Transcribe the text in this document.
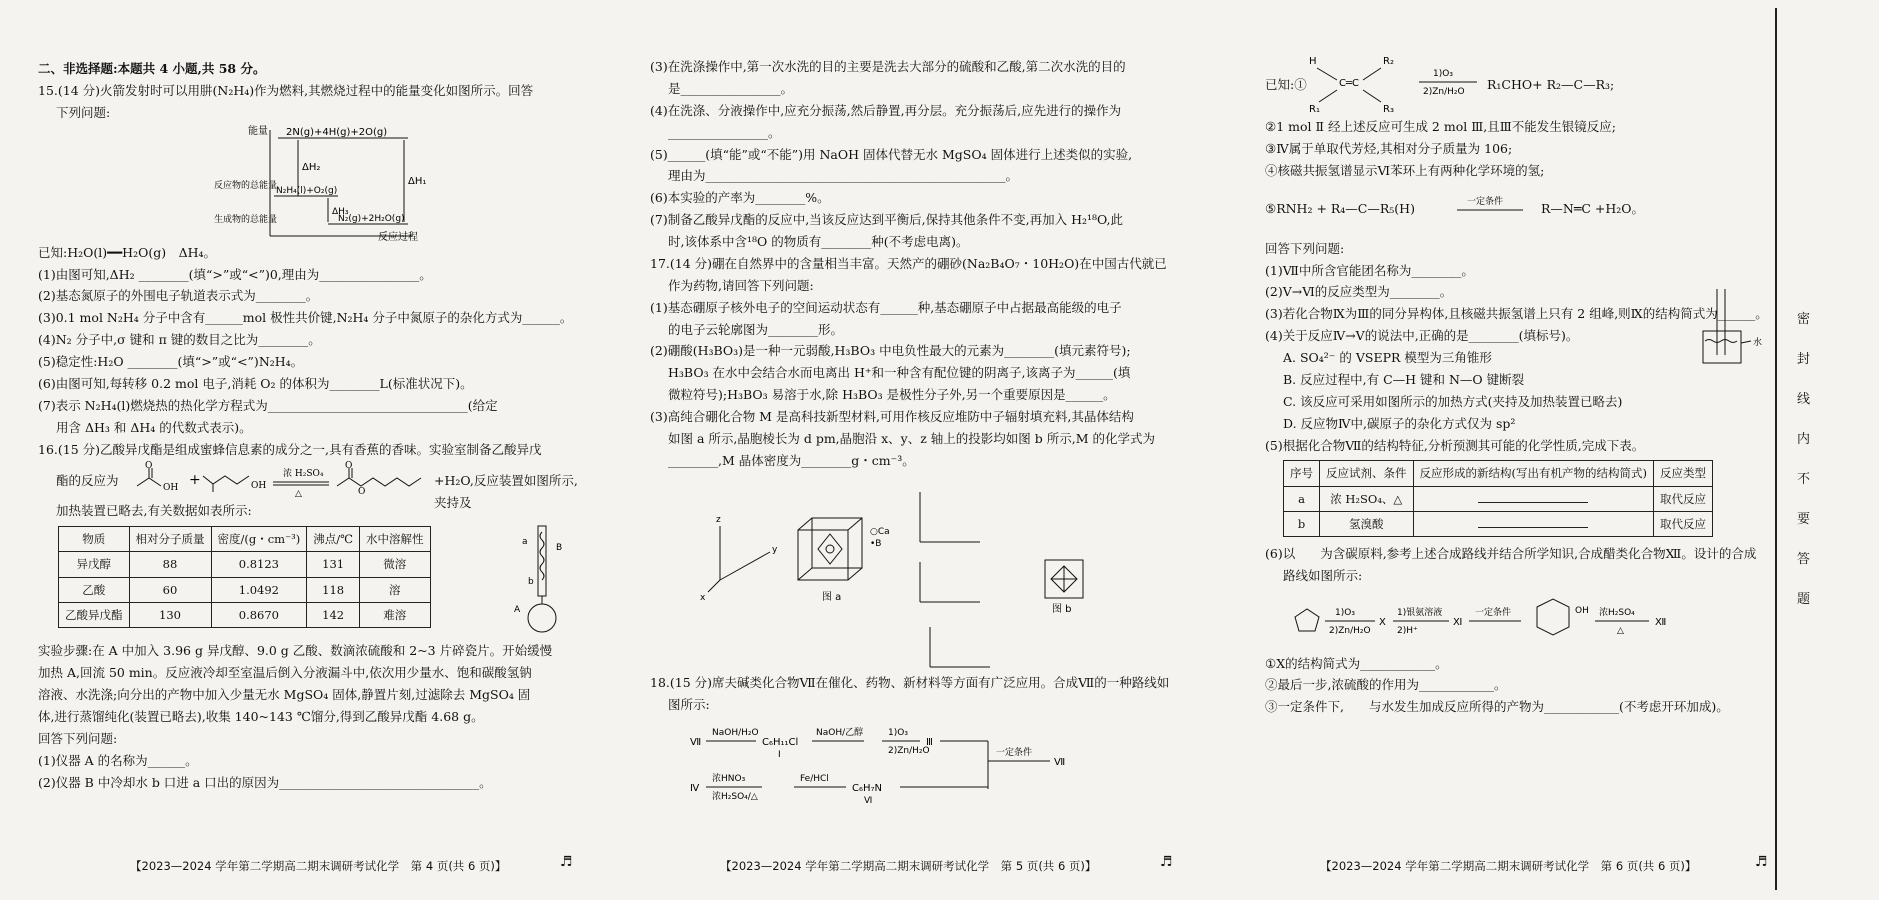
二、非选择题:本题共 4 小题,共 58 分。

15.(14 分)火箭发射时可以用肼(N₂H₄)作为燃料,其燃烧过程中的能量变化如图所示。回答

下列问题:

能量
反应过程
2N(g)+4H(g)+2O(g)
N₂H₄(l)+O₂(g)
N₂(g)+2H₂O(g)
ΔH₂
ΔH₃
ΔH₁
反应物的总能量
生成物的总能量

已知:H₂O(l)━━H₂O(g)　ΔH₄。

(1)由图可知,ΔH₂ ________(填“>”或“<”)0,理由为________________。

(2)基态氮原子的外围电子轨道表示式为________。

(3)0.1 mol N₂H₄ 分子中含有______mol 极性共价键,N₂H₄ 分子中氮原子的杂化方式为______。

(4)N₂ 分子中,σ 键和 π 键的数目之比为________。

(5)稳定性:H₂O ________(填“>”或“<”)N₂H₄。

(6)由图可知,每转移 0.2 mol 电子,消耗 O₂ 的体积为________L(标准状况下)。

(7)表示 N₂H₄(l)燃烧热的热化学方程式为________________________________(给定

用含 ΔH₃ 和 ΔH₄ 的代数式表示)。

16.(15 分)乙酸异戊酯是组成蜜蜂信息素的成分之一,具有香蕉的香味。实验室制备乙酸异戊

酯的反应为
O
OH +	OH
浓 H₂SO₄
△
O
O
+H₂O,反应装置如图所示,夹持及

加热装置已略去,有关数据如表所示:

物质	相对分子质量	密度/(g・cm⁻³)	沸点/℃	水中溶解性
异戊醇	88	0.8123	131	微溶
乙酸	60	1.0492	118	溶
乙酸异戊酯	130	0.8670	142	难溶
a
B
b
A

实验步骤:在 A 中加入 3.96 g 异戊醇、9.0 g 乙酸、数滴浓硫酸和 2~3 片碎瓷片。开始缓慢

加热 A,回流 50 min。反应液冷却至室温后倒入分液漏斗中,依次用少量水、饱和碳酸氢钠

溶液、水洗涤;向分出的产物中加入少量无水 MgSO₄ 固体,静置片刻,过滤除去 MgSO₄ 固

体,进行蒸馏纯化(装置已略去),收集 140~143 ℃馏分,得到乙酸异戊酯 4.68 g。

回答下列问题:

(1)仪器 A 的名称为______。

(2)仪器 B 中冷却水 b 口进 a 口出的原因为________________________________。

(3)在洗涤操作中,第一次水洗的目的主要是洗去大部分的硫酸和乙酸,第二次水洗的目的

是________________。

(4)在洗涤、分液操作中,应充分振荡,然后静置,再分层。充分振荡后,应先进行的操作为

________________。

(5)______(填“能”或“不能”)用 NaOH 固体代替无水 MgSO₄ 固体进行上述类似的实验,

理由为________________________________________________。

(6)本实验的产率为________%。

(7)制备乙酸异戊酯的反应中,当该反应达到平衡后,保持其他条件不变,再加入 H₂¹⁸O,此

时,该体系中含¹⁸O 的物质有________种(不考虑电离)。

17.(14 分)硼在自然界中的含量相当丰富。天然产的硼砂(Na₂B₄O₇・10H₂O)在中国古代就已

作为药物,请回答下列问题:

(1)基态硼原子核外电子的空间运动状态有______种,基态硼原子中占据最高能级的电子

的电子云轮廓图为________形。

(2)硼酸(H₃BO₃)是一种一元弱酸,H₃BO₃ 中电负性最大的元素为________(填元素符号);

H₃BO₃ 在水中会结合水而电离出 H⁺和一种含有配位键的阴离子,该离子为______(填

微粒符号);H₃BO₃ 易溶于水,除 H₃BO₃ 是极性分子外,另一个重要原因是______。

(3)高纯合硼化合物 M 是高科技新型材料,可用作核反应堆防中子辐射填充料,其晶体结构

如图 a 所示,晶胞棱长为 d pm,晶胞沿 x、y、z 轴上的投影均如图 b 所示,M 的化学式为

________,M 晶体密度为________g・cm⁻³。

z
y
x	图 a
○Ca
•B
图 b

18.(15 分)席夫碱类化合物Ⅶ在催化、药物、新材料等方面有广泛应用。合成Ⅶ的一种路线如

图所示:

Ⅶ
NaOH/H₂O
C₆H₁₁Cl
Ⅰ
NaOH/乙醇	1)O₃
2)Zn/H₂O
Ⅲ
一定条件
Ⅶ
Ⅳ
浓HNO₃
浓H₂SO₄/△
Fe/HCl
C₆H₇N
Ⅵ
已知:①
H	R₂
C═C
R₁	R₃
1)O₃
2)Zn/H₂O R₁CHO+ R₂—C—R₃;

②1 mol Ⅱ 经上述反应可生成 2 mol Ⅲ,且Ⅲ不能发生银镜反应;

③Ⅳ属于单取代芳烃,其相对分子质量为 106;

④核磁共振氢谱显示Ⅵ苯环上有两种化学环境的氢;

⑤RNH₂ + R₄—C—R₅(H)	一定条件	R—N═C +H₂O。

回答下列问题:

(1)Ⅶ中所含官能团名称为________。

(2)Ⅴ→Ⅵ的反应类型为________。

(3)若化合物Ⅸ为Ⅲ的同分异构体,且核磁共振氢谱上只有 2 组峰,则Ⅸ的结构简式为______。

(4)关于反应Ⅳ→Ⅴ的说法中,正确的是________(填标号)。

A. SO₄²⁻ 的 VSEPR 模型为三角锥形

B. 反应过程中,有 C—H 键和 N—O 键断裂

C. 该反应可采用如图所示的加热方式(夹持及加热装置已略去)

D. 反应物Ⅳ中,碳原子的杂化方式仅为 sp²

水

(5)根据化合物Ⅶ的结构特征,分析预测其可能的化学性质,完成下表。

序号	反应试剂、条件	反应形成的新结构(写出有机产物的结构简式)	反应类型
a	浓 H₂SO₄、△		取代反应
b	氢溴酸		取代反应

(6)以　　为含碳原料,参考上述合成路线并结合所学知识,合成醋类化合物Ⅻ。设计的合成

路线如图所示:

1)O₃
2)Zn/H₂O
Ⅹ
1)银氨溶液
2)H⁺
Ⅺ
一定条件	OH 浓H₂SO₄
△
Ⅻ

①Ⅹ的结构简式为____________。

②最后一步,浓硫酸的作用为____________。

③一定条件下,　　与水发生加成反应所得的产物为____________(不考虑开环加成)。

【2023—2024 学年第二学期高二期末调研考试化学　第 4 页(共 6 页)】	♬	【2023—2024 学年第二学期高二期末调研考试化学　第 5 页(共 6 页)】	♬	【2023—2024 学年第二学期高二期末调研考试化学　第 6 页(共 6 页)】	♬
密
封
线
内
不
要
答
题
